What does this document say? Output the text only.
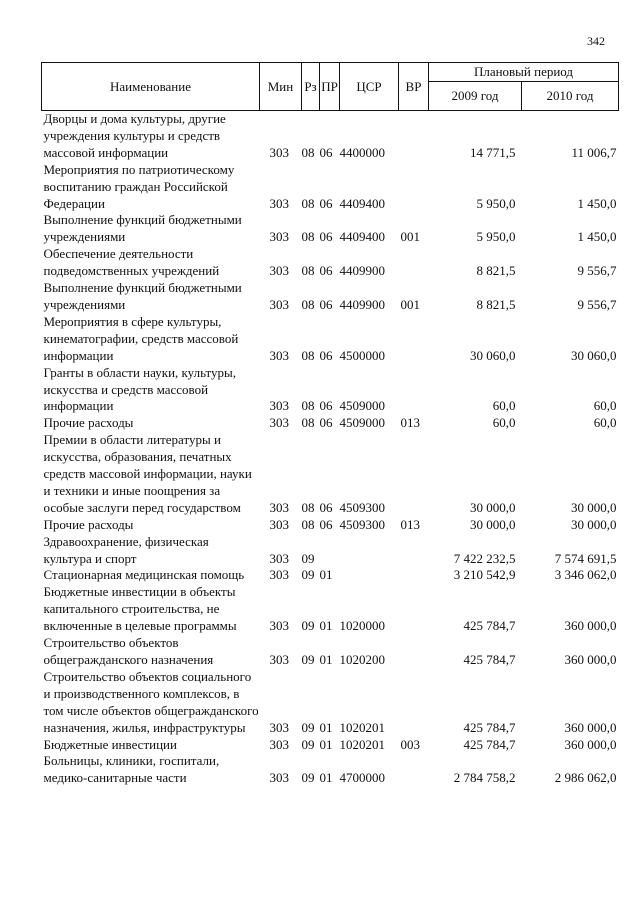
342
Наименование	Мин	Рз	ПР	ЦСР	ВР	Плановый период	
						2009 год	2010 год
Дворцы и дома культуры, другие учреждения культуры и средств массовой информации	303	08	06	4400000		14 771,5	11 006,7
Мероприятия по патриотическому воспитанию граждан Российской Федерации	303	08	06	4409400		5 950,0	1 450,0
Выполнение функций бюджетными учреждениями	303	08	06	4409400	001	5 950,0	1 450,0
Обеспечение деятельности подведомственных учреждений	303	08	06	4409900		8 821,5	9 556,7
Выполнение функций бюджетными учреждениями	303	08	06	4409900	001	8 821,5	9 556,7
Мероприятия в сфере культуры, кинематографии, средств массовой информации	303	08	06	4500000		30 060,0	30 060,0
Гранты в области науки, культуры, искусства и средств массовой информации	303	08	06	4509000		60,0	60,0
Прочие расходы	303	08	06	4509000	013	60,0	60,0
Премии в области литературы и искусства, образования, печатных средств массовой информации, науки и техники и иные поощрения за особые заслуги перед государством	303	08	06	4509300		30 000,0	30 000,0
Прочие расходы	303	08	06	4509300	013	30 000,0	30 000,0
Здравоохранение, физическая культура и спорт	303	09				7 422 232,5	7 574 691,5
Стационарная медицинская помощь	303	09	01			3 210 542,9	3 346 062,0
Бюджетные инвестиции в объекты капитального строительства, не включенные в целевые программы	303	09	01	1020000		425 784,7	360 000,0
Строительство объектов общегражданского назначения	303	09	01	1020200		425 784,7	360 000,0
Строительство объектов социального и производственного комплексов, в том числе объектов общегражданского назначения, жилья, инфраструктуры	303	09	01	1020201		425 784,7	360 000,0
Бюджетные инвестиции	303	09	01	1020201	003	425 784,7	360 000,0
Больницы, клиники, госпитали, медико-санитарные части	303	09	01	4700000		2 784 758,2	2 986 062,0
